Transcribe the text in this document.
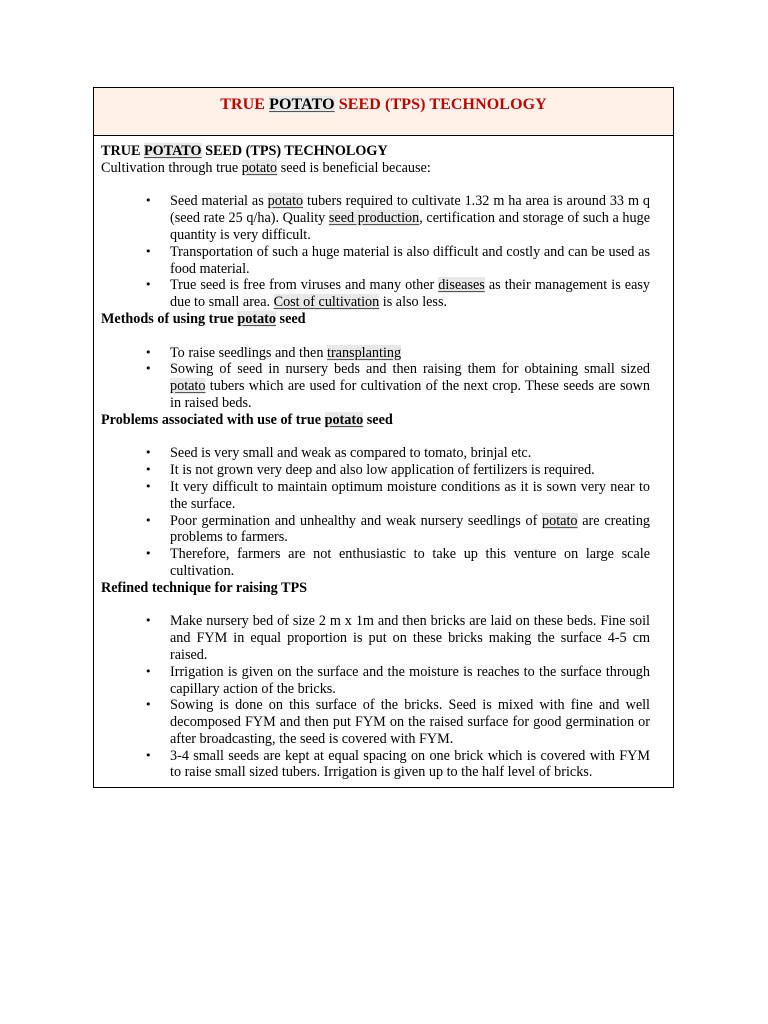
TRUE POTATO SEED (TPS) TECHNOLOGY

TRUE POTATO SEED (TPS) TECHNOLOGY

Cultivation through true potato seed is beneficial because:

• Seed material as potato tubers required to cultivate 1.32 m ha area is around 33 m q (seed rate 25 q/ha). Quality seed production, certification and storage of such a huge quantity is very difficult.
• Transportation of such a huge material is also difficult and costly and can be used as food material.
• True seed is free from viruses and many other diseases as their management is easy due to small area. Cost of cultivation is also less.

Methods of using true potato seed

• To raise seedlings and then transplanting
• Sowing of seed in nursery beds and then raising them for obtaining small sized potato tubers which are used for cultivation of the next crop. These seeds are sown in raised beds.

Problems associated with use of true potato seed

• Seed is very small and weak as compared to tomato, brinjal etc.
• It is not grown very deep and also low application of fertilizers is required.
• It very difficult to maintain optimum moisture conditions as it is sown very near to the surface.
• Poor germination and unhealthy and weak nursery seedlings of potato are creating problems to farmers.
• Therefore, farmers are not enthusiastic to take up this venture on large scale cultivation.

Refined technique for raising TPS

• Make nursery bed of size 2 m x 1m and then bricks are laid on these beds. Fine soil and FYM in equal proportion is put on these bricks making the surface 4-5 cm raised.
• Irrigation is given on the surface and the moisture is reaches to the surface through capillary action of the bricks.
• Sowing is done on this surface of the bricks. Seed is mixed with fine and well decomposed FYM and then put FYM on the raised surface for good germination or after broadcasting, the seed is covered with FYM.
• 3-4 small seeds are kept at equal spacing on one brick which is covered with FYM to raise small sized tubers. Irrigation is given up to the half level of bricks.
